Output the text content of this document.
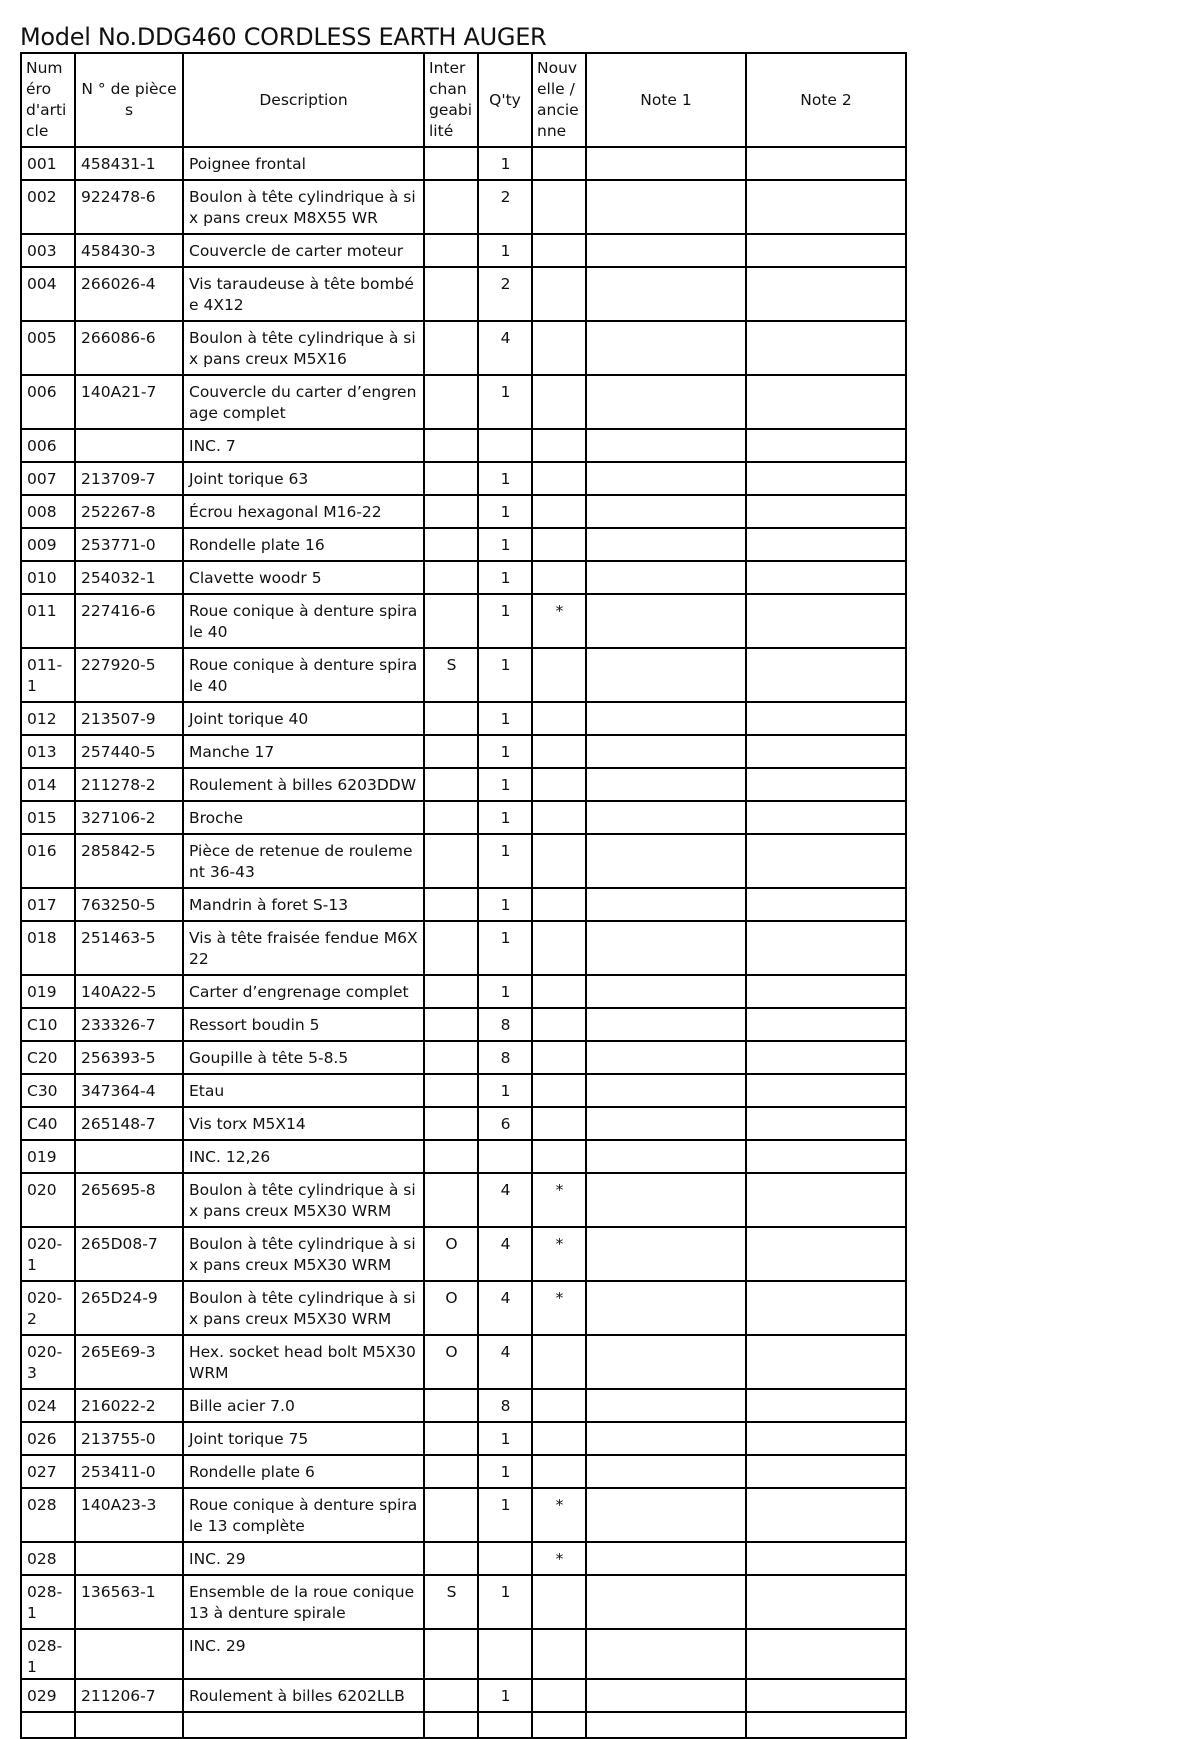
Model No.DDG460 CORDLESS EARTH AUGER
Numéro d'article	N ° de pièces	Description	Interchangeabilité	Q'ty	Nouvelle / ancienne	Note 1	Note 2
001	458431-1	Poignee frontal		1			
002	922478-6	Boulon à tête cylindrique à six pans creux M8X55 WR		2			
003	458430-3	Couvercle de carter moteur		1			
004	266026-4	Vis taraudeuse à tête bombée 4X12		2			
005	266086-6	Boulon à tête cylindrique à six pans creux M5X16		4			
006	140A21-7	Couvercle du carter d’engrenage complet		1			
006		INC. 7					
007	213709-7	Joint torique 63		1			
008	252267-8	Écrou hexagonal M16-22		1			
009	253771-0	Rondelle plate 16		1			
010	254032-1	Clavette woodr 5		1			
011	227416-6	Roue conique à denture spirale 40		1	*		
011-1	227920-5	Roue conique à denture spirale 40	S	1			
012	213507-9	Joint torique 40		1			
013	257440-5	Manche 17		1			
014	211278-2	Roulement à billes 6203DDW		1			
015	327106-2	Broche		1			
016	285842-5	Pièce de retenue de roulement 36-43		1			
017	763250-5	Mandrin à foret S-13		1			
018	251463-5	Vis à tête fraisée fendue M6X22		1			
019	140A22-5	Carter d’engrenage complet		1			
C10	233326-7	Ressort boudin 5		8			
C20	256393-5	Goupille à tête 5-8.5		8			
C30	347364-4	Etau		1			
C40	265148-7	Vis torx M5X14		6			
019		INC. 12,26					
020	265695-8	Boulon à tête cylindrique à six pans creux M5X30 WRM		4	*		
020-1	265D08-7	Boulon à tête cylindrique à six pans creux M5X30 WRM	O	4	*		
020-2	265D24-9	Boulon à tête cylindrique à six pans creux M5X30 WRM	O	4	*		
020-3	265E69-3	Hex. socket head bolt M5X30 WRM	O	4			
024	216022-2	Bille acier 7.0		8			
026	213755-0	Joint torique 75		1			
027	253411-0	Rondelle plate 6		1			
028	140A23-3	Roue conique à denture spirale 13 complète		1	*		
028		INC. 29			*		
028-1	136563-1	Ensemble de la roue conique 13 à denture spirale	S	1			
028-1		INC. 29					
029	211206-7	Roulement à billes 6202LLB		1			
